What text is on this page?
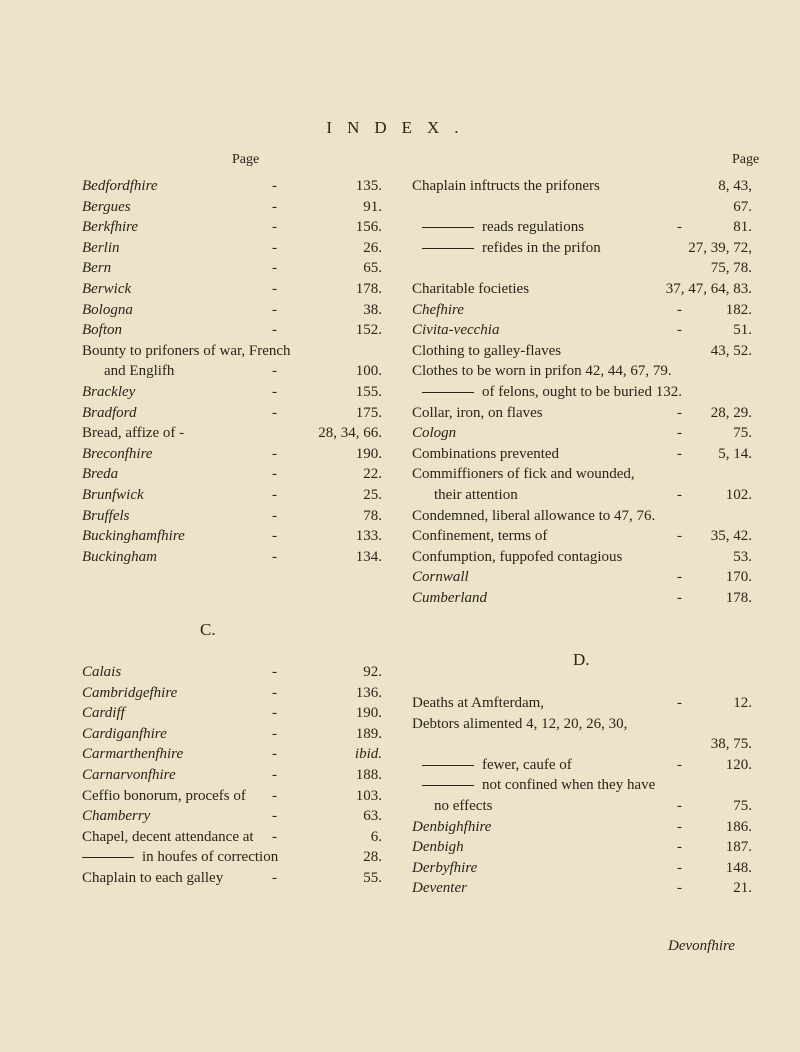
INDEX.
Page	Page
Bedfordfhire	-	135.
Bergues	-	91.
Berkfhire	-	156.
Berlin	-	26.
Bern	-	65.
Berwick	-	178.
Bologna	-	38.
Bofton	-	152.
Bounty to prifoners of war, French
and Englifh	-	100.
Brackley	-	155.
Bradford	-	175.
Bread, affize of -	28, 34, 66.
Breconfhire	-	190.
Breda	-	22.
Brunfwick	-	25.
Bruffels	-	78.
Buckinghamfhire	-	133.
Buckingham	-	134.
Chaplain inftructs the prifoners	8, 43,
67.
reads regulations	-	81.
refides in the prifon	27, 39, 72,
75, 78.
Charitable focieties	37, 47, 64, 83.
Chefhire	-	182.
Civita-vecchia	-	51.
Clothing to galley-flaves	43, 52.
Clothes to be worn in prifon 42, 44, 67, 79.
of felons, ought to be buried 132.
Collar, iron, on flaves	- 28, 29.
Cologn	-	75.
Combinations prevented	- 5, 14.
Commiffioners of fick and wounded,
their attention	-	102.
Condemned, liberal allowance to 47, 76.
Confinement, terms of	- 35, 42.
Confumption, fuppofed contagious	53.
Cornwall	-	170.
Cumberland	-	178.
C.
D.
Calais	-	92.
Cambridgefhire	-	136.
Cardiff	-	190.
Cardiganfhire	-	189.
Carmarthenfhire	-	ibid.
Carnarvonfhire	-	188.
Ceffio bonorum, procefs of -	103.
Chamberry	-	63.
Chapel, decent attendance at -	6.
in houfes of correction	28.
Chaplain to each galley	-	55.
Deaths at Amfterdam,	-	12.
Debtors alimented 4, 12, 20, 26, 30,
38, 75.
fewer, caufe of	-	120.
not confined when they have
no effects	-	75.
Denbighfhire	-	186.
Denbigh	-	187.
Derbyfhire	-	148.
Deventer	-	21.
Devonfhire
